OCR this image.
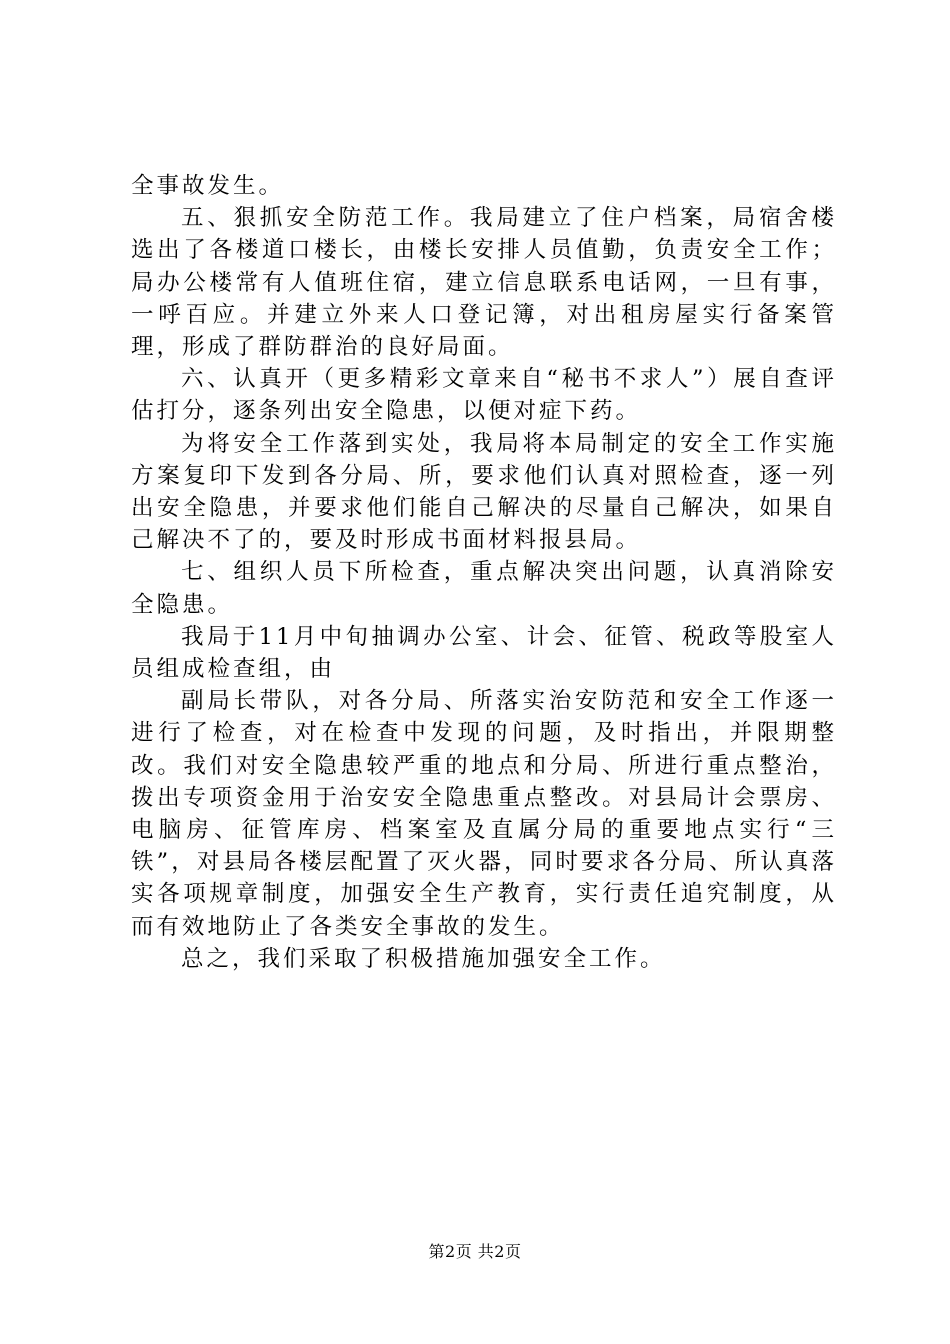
全事故发生。

五、狠抓安全防范工作。我局建立了住户档案，局宿舍楼选出了各楼道口楼长，由楼长安排人员值勤，负责安全工作；局办公楼常有人值班住宿，建立信息联系电话网，一旦有事，一呼百应。并建立外来人口登记簿，对出租房屋实行备案管理，形成了群防群治的良好局面。

六、认真开（更多精彩文章来自“秘书不求人”）展自查评估打分，逐条列出安全隐患，以便对症下药。

为将安全工作落到实处，我局将本局制定的安全工作实施方案复印下发到各分局、所，要求他们认真对照检查，逐一列出安全隐患，并要求他们能自己解决的尽量自己解决，如果自己解决不了的，要及时形成书面材料报县局。

七、组织人员下所检查，重点解决突出问题，认真消除安全隐患。

我局于11月中旬抽调办公室、计会、征管、税政等股室人员组成检查组，由

副局长带队，对各分局、所落实治安防范和安全工作逐一进行了检查，对在检查中发现的问题，及时指出，并限期整改。我们对安全隐患较严重的地点和分局、所进行重点整治，拨出专项资金用于治安安全隐患重点整改。对县局计会票房、电脑房、征管库房、档案室及直属分局的重要地点实行“三铁”，对县局各楼层配置了灭火器，同时要求各分局、所认真落实各项规章制度，加强安全生产教育，实行责任追究制度，从而有效地防止了各类安全事故的发生。

总之，我们采取了积极措施加强安全工作。

第2页 共2页
